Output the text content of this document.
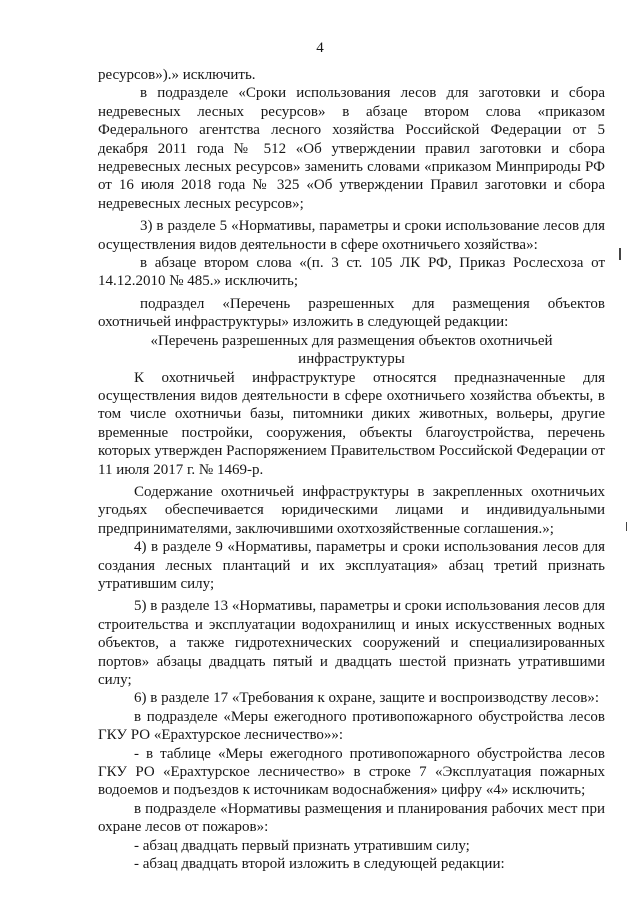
4

ресурсов»).» исключить.

в подразделе «Сроки использования лесов для заготовки и сбора недревесных лесных ресурсов» в абзаце втором слова «приказом Федерального агентства лесного хозяйства Российской Федерации от 5 декабря 2011 года № 512 «Об утверждении правил заготовки и сбора недревесных лесных ресурсов» заменить словами «приказом Минприроды РФ от 16 июля 2018 года № 325 «Об утверждении Правил заготовки и сбора недревесных лесных ресурсов»;

3) в разделе 5 «Нормативы, параметры и сроки использование лесов для осуществления видов деятельности в сфере охотничьего хозяйства»:

в абзаце втором слова «(п. 3 ст. 105 ЛК РФ, Приказ Рослесхоза от 14.12.2010 № 485.» исключить;

подраздел «Перечень разрешенных для размещения объектов охотничьей инфраструктуры» изложить в следующей редакции:

«Перечень разрешенных для размещения объектов охотничьей инфраструктуры

К охотничьей инфраструктуре относятся предназначенные для осуществления видов деятельности в сфере охотничьего хозяйства объекты, в том числе охотничьи базы, питомники диких животных, вольеры, другие временные постройки, сооружения, объекты благоустройства, перечень которых утвержден Распоряжением Правительством Российской Федерации от 11 июля 2017 г. № 1469-р.

Содержание охотничьей инфраструктуры в закрепленных охотничьих угодьях обеспечивается юридическими лицами и индивидуальными предпринимателями, заключившими охотхозяйственные соглашения.»;

4) в разделе 9 «Нормативы, параметры и сроки использования лесов для создания лесных плантаций и их эксплуатация» абзац третий признать утратившим силу;

5) в разделе 13 «Нормативы, параметры и сроки использования лесов для строительства и эксплуатации водохранилищ и иных искусственных водных объектов, а также гидротехнических сооружений и специализированных портов» абзацы двадцать пятый и двадцать шестой признать утратившими силу;

6) в разделе 17 «Требования к охране, защите и воспроизводству лесов»:

в подразделе «Меры ежегодного противопожарного обустройства лесов ГКУ РО «Ерахтурское лесничество»»:

- в таблице «Меры ежегодного противопожарного обустройства лесов ГКУ РО «Ерахтурское лесничество» в строке 7 «Эксплуатация пожарных водоемов и подъездов к источникам водоснабжения» цифру «4» исключить;

в подразделе «Нормативы размещения и планирования рабочих мест при охране лесов от пожаров»:

- абзац двадцать первый признать утратившим силу;

- абзац двадцать второй изложить в следующей редакции:
